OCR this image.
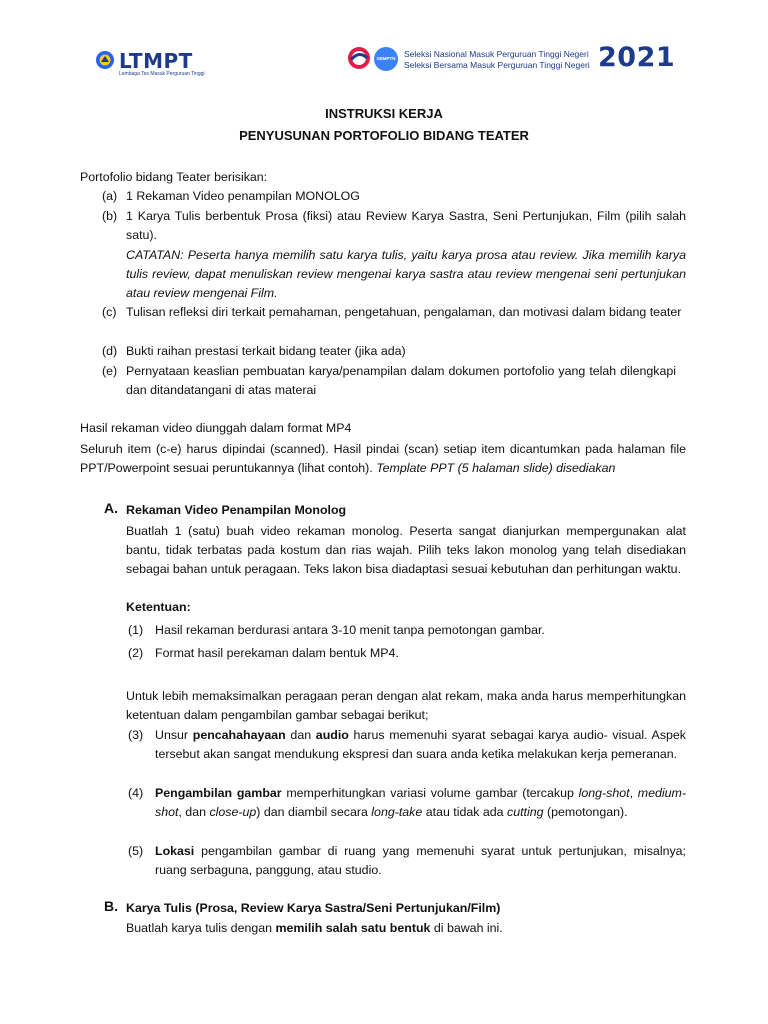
LTMPT
Lembaga Tes Masuk Perguruan Tinggi
SBMPTN Seleksi Nasional Masuk Perguruan Tinggi Negeri
Seleksi Bersama Masuk Perguruan Tinggi Negeri 2021
INSTRUKSI KERJA
PENYUSUNAN PORTOFOLIO BIDANG TEATER
Portofolio bidang Teater berisikan:
(a) 1 Rekaman Video penampilan MONOLOG
(b) 1 Karya Tulis berbentuk Prosa (fiksi) atau Review Karya Sastra, Seni Pertunjukan, Film (pilih salah satu).
CATATAN: Peserta hanya memilih satu karya tulis, yaitu karya prosa atau review. Jika memilih karya tulis review, dapat menuliskan review mengenai karya sastra atau review mengenai seni pertunjukan atau review mengenai Film.
(c) Tulisan refleksi diri terkait pemahaman, pengetahuan, pengalaman, dan motivasi dalam bidang teater
(d) Bukti raihan prestasi terkait bidang teater (jika ada)
(e) Pernyataan keaslian pembuatan karya/penampilan dalam dokumen portofolio yang telah dilengkapi dan ditandatangani di atas materai
Hasil rekaman video diunggah dalam format MP4
Seluruh item (c-e) harus dipindai (scanned). Hasil pindai (scan) setiap item dicantumkan pada halaman file PPT/Powerpoint sesuai peruntukannya (lihat contoh). Template PPT (5 halaman slide) disediakan
A. Rekaman Video Penampilan Monolog
Buatlah 1 (satu) buah video rekaman monolog. Peserta sangat dianjurkan mempergunakan alat bantu, tidak terbatas pada kostum dan rias wajah. Pilih teks lakon monolog yang telah disediakan sebagai bahan untuk peragaan. Teks lakon bisa diadaptasi sesuai kebutuhan dan perhitungan waktu.
Ketentuan:
(1) Hasil rekaman berdurasi antara 3-10 menit tanpa pemotongan gambar.
(2) Format hasil perekaman dalam bentuk MP4.
Untuk lebih memaksimalkan peragaan peran dengan alat rekam, maka anda harus memperhitungkan ketentuan dalam pengambilan gambar sebagai berikut;
(3) Unsur pencahahayaan dan audio harus memenuhi syarat sebagai karya audio- visual. Aspek tersebut akan sangat mendukung ekspresi dan suara anda ketika melakukan kerja pemeranan.
(4) Pengambilan gambar memperhitungkan variasi volume gambar (tercakup long-shot, medium-shot, dan close-up) dan diambil secara long-take atau tidak ada cutting (pemotongan).
(5) Lokasi pengambilan gambar di ruang yang memenuhi syarat untuk pertunjukan, misalnya; ruang serbaguna, panggung, atau studio.
B. Karya Tulis (Prosa, Review Karya Sastra/Seni Pertunjukan/Film)
Buatlah karya tulis dengan memilih salah satu bentuk di bawah ini.
